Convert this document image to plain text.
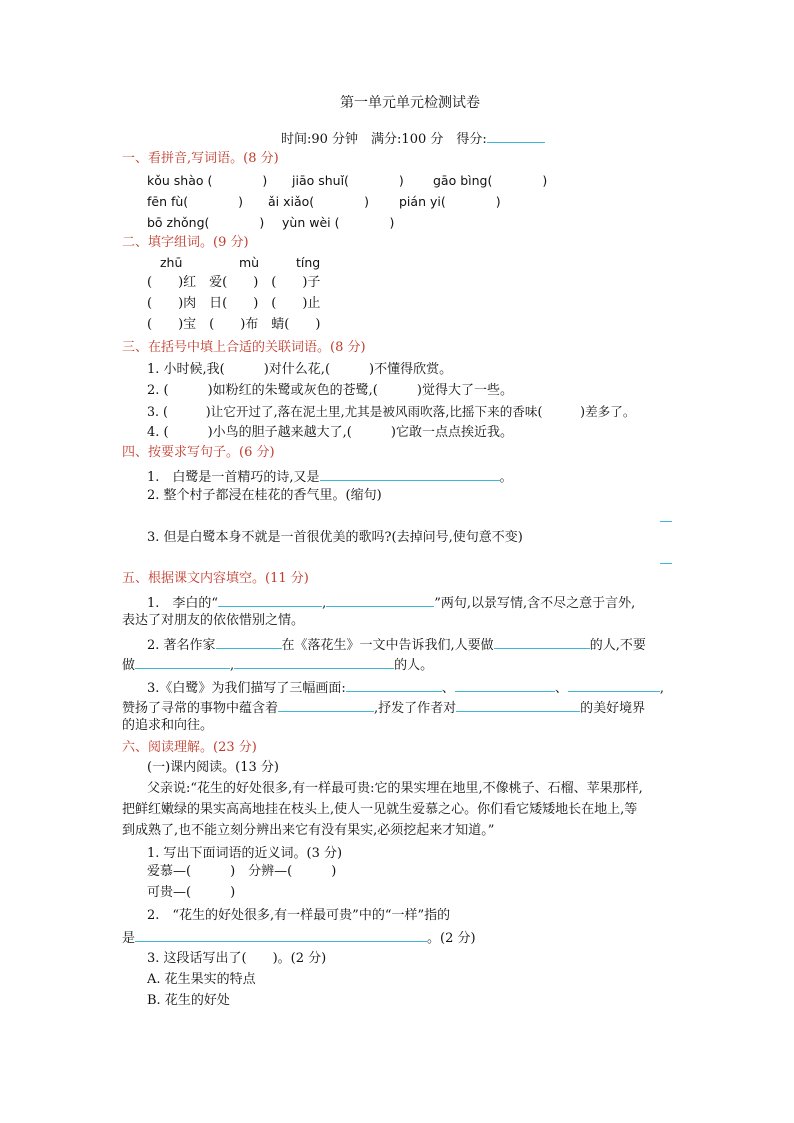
第一单元单元检测试卷
时间:90 分钟　满分:100 分　得分:
一、看拼音,写词语。(8 分)
kǒu shào (　　　　) jiāo shuǐ(　　　　) gāo bìng(　　　　)
fēn fù(　　　　) ǎi xiǎo(　　　　) pián yi(　　　　)
bō zhǒng(　　　　) yùn wèi (　　　　)
二、填字组词。(9 分)
zhū	mù	tíng
(　　)红　爱(　　)　(　　)子
(　　)肉　日(　　)　(　　)止
(　　)宝　(　　)布　蜻(　　)
三、在括号中填上合适的关联词语。(8 分)
1. 小时候,我(　　　)对什么花,(　　　)不懂得欣赏。
2. (　　　)如粉红的朱鹭或灰色的苍鹭,(　　　)觉得大了一些。
3. (　　　)让它开过了,落在泥土里,尤其是被风雨吹落,比摇下来的香味(　　　)差多了。
4. (　　　)小鸟的胆子越来越大了,(　　　)它敢一点点挨近我。
四、按要求写句子。(6 分)
1.　白鹭是一首精巧的诗,又是	。
2. 整个村子都浸在桂花的香气里。(缩句)
3. 但是白鹭本身不就是一首很优美的歌吗?(去掉问号,使句意不变)
五、根据课文内容填空。(11 分)
1.　李白的“	,	”两句,以景写情,含不尽之意于言外,
表达了对朋友的依依惜别之情。
2. 著名作家	在《落花生》一文中告诉我们,人要做	的人,不要
做	,	的人。
3.《白鹭》为我们描写了三幅画面:	、	、	,
赞扬了寻常的事物中蕴含着	,抒发了作者对	的美好境界
的追求和向往。
六、阅读理解。(23 分)
(一)课内阅读。(13 分)
父亲说:“花生的好处很多,有一样最可贵:它的果实埋在地里,不像桃子、石榴、苹果那样,
把鲜红嫩绿的果实高高地挂在枝头上,使人一见就生爱慕之心。你们看它矮矮地长在地上,等
到成熟了,也不能立刻分辨出来它有没有果实,必须挖起来才知道。”
1. 写出下面词语的近义词。(3 分)
爱慕—(　　　)　分辨—(　　　)
可贵—(　　　)
2.　“花生的好处很多,有一样最可贵”中的“一样”指的
是	。(2 分)
3. 这段话写出了(　　)。(2 分)
A. 花生果实的特点
B. 花生的好处
